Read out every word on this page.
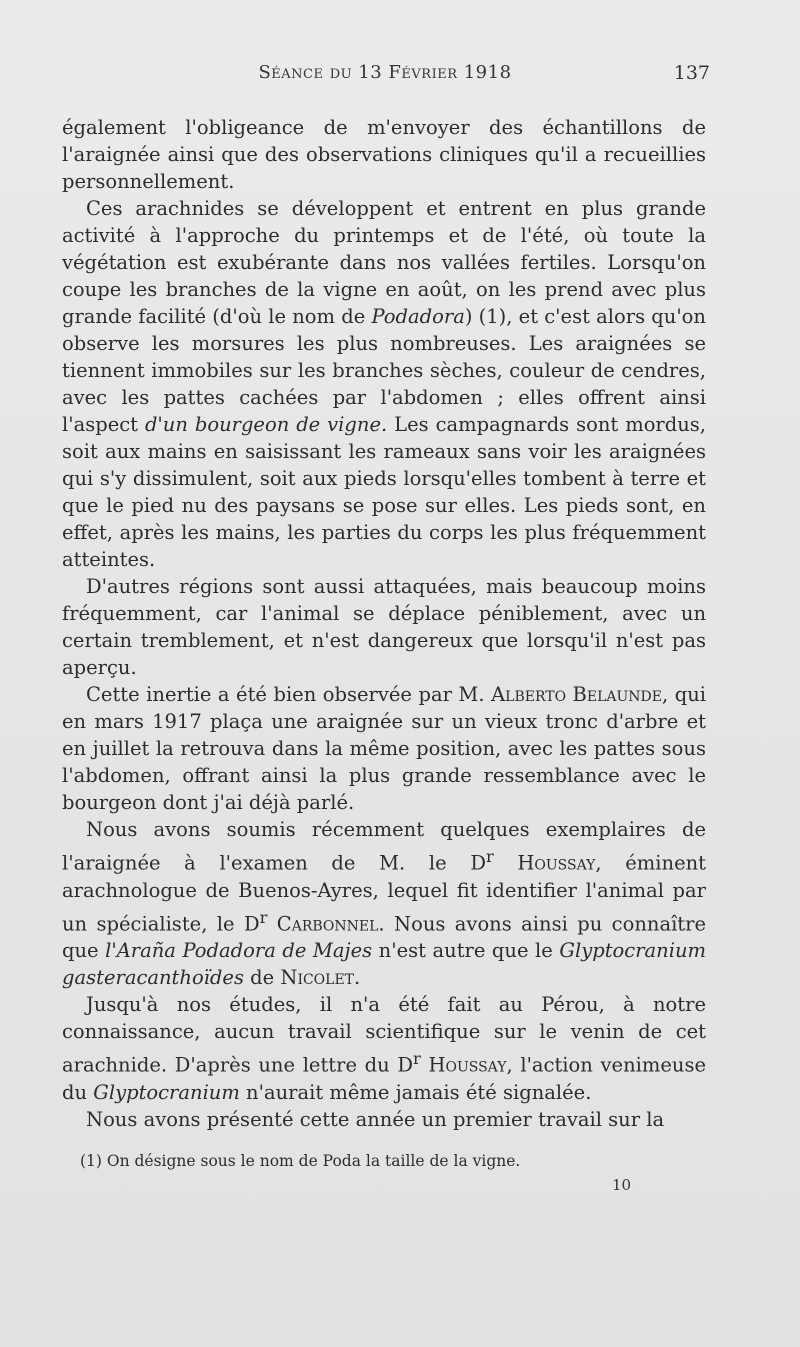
Séance du 13 Février 1918	137

également l'obligeance de m'envoyer des échantillons de l'araignée ainsi que des observations cliniques qu'il a recueillies personnellement.

Ces arachnides se développent et entrent en plus grande activité à l'approche du printemps et de l'été, où toute la végétation est exubérante dans nos vallées fertiles. Lorsqu'on coupe les branches de la vigne en août, on les prend avec plus grande facilité (d'où le nom de Podadora) (1), et c'est alors qu'on observe les morsures les plus nombreuses. Les araignées se tiennent immobiles sur les branches sèches, couleur de cendres, avec les pattes cachées par l'abdomen ; elles offrent ainsi l'aspect d'un bourgeon de vigne. Les campagnards sont mordus, soit aux mains en saisissant les rameaux sans voir les araignées qui s'y dissimulent, soit aux pieds lorsqu'elles tombent à terre et que le pied nu des paysans se pose sur elles. Les pieds sont, en effet, après les mains, les parties du corps les plus fréquemment atteintes.

D'autres régions sont aussi attaquées, mais beaucoup moins fréquemment, car l'animal se déplace péniblement, avec un certain tremblement, et n'est dangereux que lorsqu'il n'est pas aperçu.

Cette inertie a été bien observée par M. Alberto Belaunde, qui en mars 1917 plaça une araignée sur un vieux tronc d'arbre et en juillet la retrouva dans la même position, avec les pattes sous l'abdomen, offrant ainsi la plus grande ressemblance avec le bourgeon dont j'ai déjà parlé.

Nous avons soumis récemment quelques exemplaires de l'araignée à l'examen de M. le $D^r$ Houssay, éminent arachnologue de Buenos-Ayres, lequel fit identifier l'animal par un spécialiste, le $D^r$ Carbonnel. Nous avons ainsi pu connaître que l'Araña Podadora de Majes n'est autre que le Glyptocranium gasteracanthoïdes de Nicolet.

Jusqu'à nos études, il n'a été fait au Pérou, à notre connaissance, aucun travail scientifique sur le venin de cet arachnide. D'après une lettre du $D^r$ Houssay, l'action venimeuse du Glyptocranium n'aurait même jamais été signalée.

Nous avons présenté cette année un premier travail sur la

(1) On désigne sous le nom de Poda la taille de la vigne.
10
